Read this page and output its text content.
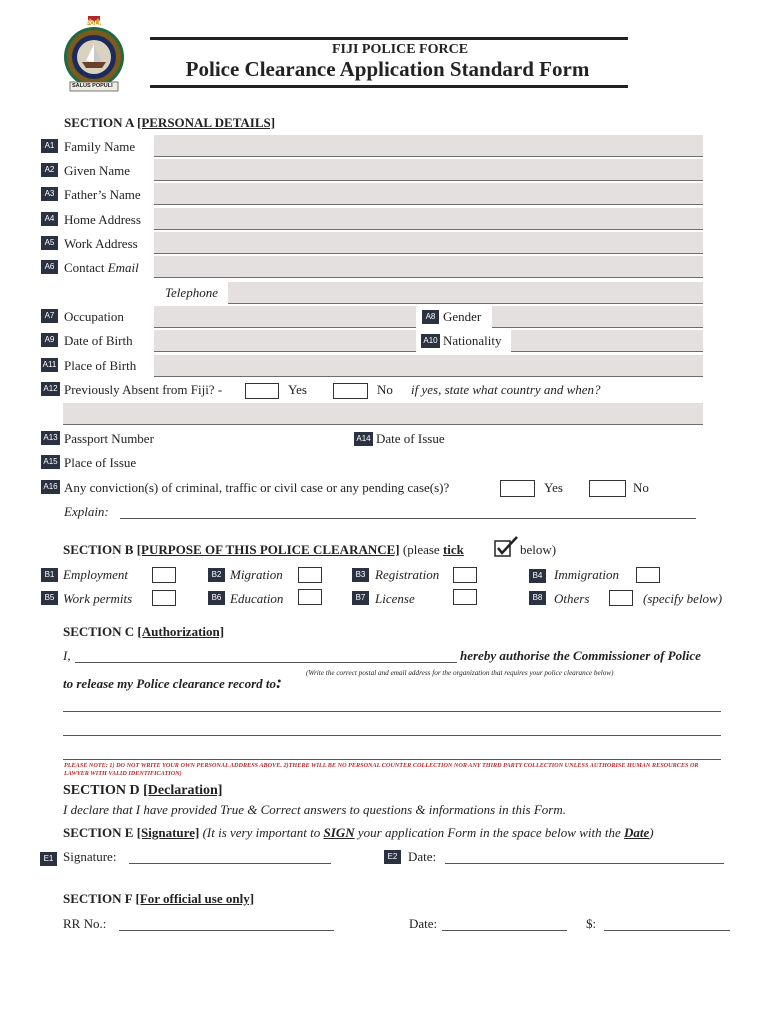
FIJI POLICE
SALUS POPULI
FIJI POLICE FORCE
Police Clearance Application Standard Form
SECTION A [PERSONAL DETAILS]
A1 Family Name
A2 Given Name
A3 Father’s Name
A4 Home Address
A5 Work Address
A6 Contact Email
Telephone
A7 Occupation	A8 Gender
A9 Date of Birth	A10 Nationality
A11 Place of Birth
A12 Previously Absent from Fiji? -	Yes	No if yes, state what country and when?
A13 Passport Number	A14 Date of Issue
A15 Place of Issue
A16 Any conviction(s) of criminal, traffic or civil case or any pending case(s)?	Yes	No
Explain:
SECTION B [PURPOSE OF THIS POLICE CLEARANCE] (please tick	below)
B1 Employment	B2 Migration	B3 Registration	B4 Immigration
B5 Work permits	B6 Education	B7 License	B8 Others	(specify below)
SECTION C [Authorization]
I,	hereby authorise the Commissioner of Police
to release my Police clearance record to:	(Write the correct postal and email address for the organization that requires your police clearance below)
PLEASE NOTE: 1) DO NOT WRITE YOUR OWN PERSONAL ADDRESS ABOVE. 2)THERE WILL BE NO PERSONAL COUNTER COLLECTION NOR ANY THIRD PARTY COLLECTION UNLESS AUTHORISE HUMAN RESOURCES OR LAWYER WITH VALID IDENTIFICATION)
SECTION D [Declaration]
I declare that I have provided True & Correct answers to questions & informations in this Form.
SECTION E [Signature] (It is very important to SIGN your application Form in the space below with the Date)
E1 Signature:	E2 Date:
SECTION F [For official use only]
RR No.:	Date:	$:
